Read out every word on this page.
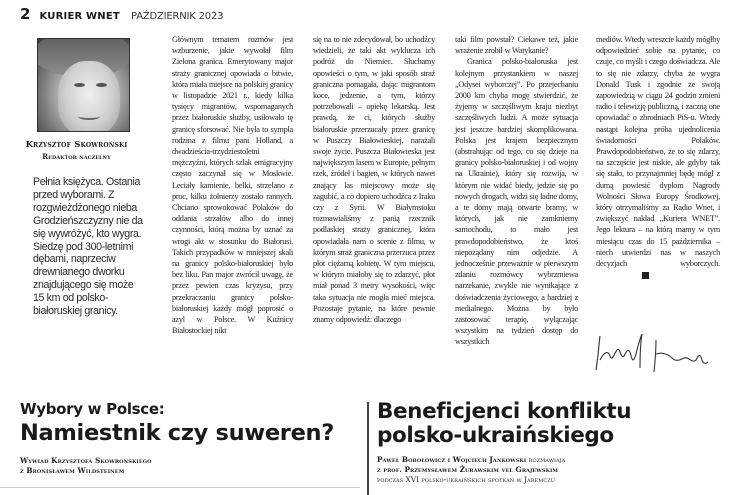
2 KURIER WNET PAŹDZIERNIK 2023
Krzysztof Skowroński
Redaktor naczelny
Pełnia księżyca. Ostania przed wyborami. Z rozgwieżdżonego nieba Grodzieńszczyzny nie da się wywróżyć, kto wygra. Siedzę pod 300-letnimi dębami, naprzeciw drewnianego dworku znajdującego się może 15 km od polsko-białoruskiej granicy.

Głównym tematem rozmów jest wzburzenie, jakie wywołał film Zielona granica. Emerytowany major straży granicznej opowiada o bitwie, która miała miejsce na polskiej granicy w listopadzie 2021 r., kiedy kilka tysięcy migrantów, wspomaganych przez białoruskie służby, usiłowało tę granicę sforsować. Nie była to sympla rodzina z filmu pani Holland, a dwadzieścia-trzydziestoletni mężczyźni, których szlak emigracyjny często zaczynał się w Moskwie. Leciały kamienie, belki, strzelano z proc, kilku żołnierzy zostało rannych. Chciano sprowokować Polaków do oddania strzałów albo do innej czynności, którą można by uznać za wrogi akt w stosunku do Białorusi. Takich przypadków w mniejszej skali na granicy polsko-białoruskiej było bez liku. Pan major zwrócił uwagę, że przez pewien czas kryzysu, przy przekraczaniu granicy polsko-białoruskiej każdy mógł poprosić o azyl w Polsce. W Kuźnicy Białostockiej nikt

się na to nie zdecydował, bo uchodźcy wiedzieli, że taki akt wyklucza ich podróż do Niemiec. Słuchamy opowieści o tym, w jaki sposób straż graniczna pomagała, dając migrantom koce, jedzenie, a tym, którzy potrzebowali – opiekę lekarską. Jest prawdą, że ci, których służby białoruskie przerzucały przez granicę w Puszczy Białowieskiej, narażali swoje życie. Puszcza Białowieska jest największym lasem w Europie, pełnym rzek, źródeł i bagien, w których nawet znający las miejscowy może się zagubić, a co dopiero uchodźca z Iraku czy z Syrii. W Białymstoku rozmawialiśmy z panią rzecznik podlaskiej straży granicznej, która opowiadała nam o scenie z filmu, w którym straż graniczna przerzuca przez płot ciężarną kobietę. W tym miejscu, w którym miałoby się to zdarzyć, płot miał ponad 3 metry wysokości, więc taka sytuacja nie mogła mieć miejsca. Pozostaje pytanie, na które pewnie znamy odpowiedź: dlaczego

taki film powstał? Ciekawe też, jakie wrażenie zrobił w Watykanie?

Granica polsko-białoruska jest kolejnym przystankiem w naszej „Odysei wyborczej”. Po przejechaniu 2000 km chyba mogę stwierdzić, że żyjemy w szczęśliwym kraju niezbyt szczęśliwych ludzi. A może sytuacja jest jeszcze bardziej skomplikowana. Polska jest krajem bezpiecznym (abstrahując od tego, co się dzieje na granicy polsko-białoruskiej i od wojny na Ukrainie), który się rozwija, w którym nie widać biedy, jedzie się po nowych drogach, widzi się ładne domy, a te domy mają otwarte bramy, w których, jak nie zamkniemy samochodu, to mało jest prawdopodobieństwo, że ktoś niepożądany nim odjedzie. A jednocześnie przeważnie w pierwszym zdaniu rozmówcy wybrzmiewa narzekanie, zwykle nie wynikające z doświadczenia życiowego, a bardziej z medialnego. Można by było zastosować terapię, wyłączając wszystkim na tydzień dostęp do wszystkich

mediów. Wtedy wreszcie każdy mógłby odpowiedzieć sobie na pytanie, co czuje, co myśli i czego doświadcza. Ale to się nie zdarzy, chyba że wygra Donald Tusk i zgodnie ze swoją zapowiedzią w ciągu 24 godzin zmieni radio i telewizję publiczną, i zaczną one opowiadać o zbrodniach PiS-u. Wtedy nastąpi kolejna próba ujednolicenia świadomości Polaków. Prawdopodobieństwo, że to się zdarzy, na szczęście jest niskie, ale gdyby tak się stało, to przynajmniej będę mógł z dumą powiesić dyplom Nagrody Wolności Słowa Europy Środkowej, który otrzymaliśmy za Radio Wnet, i zwiększyć nakład „Kuriera WNET”. Jego lektura – na którą mamy w tym miesiącu czas do 15 października – niech utwierdzi nas w naszych decyzjach wyborczych.

Wybory w Polsce:
Namiestnik czy suweren?
Wywiad Krzysztofa Skowrońskiego
z Bronisławem Wildsteinem
Beneficjenci konfliktu
polsko-ukraińskiego
Paweł Bobołowicz i Wojciech Jankowski rozmawiają
z prof. Przemysławem Żurawskim vel Grajewskim
podczas XVI polsko-ukraińskich spotkań w Jaremczu
